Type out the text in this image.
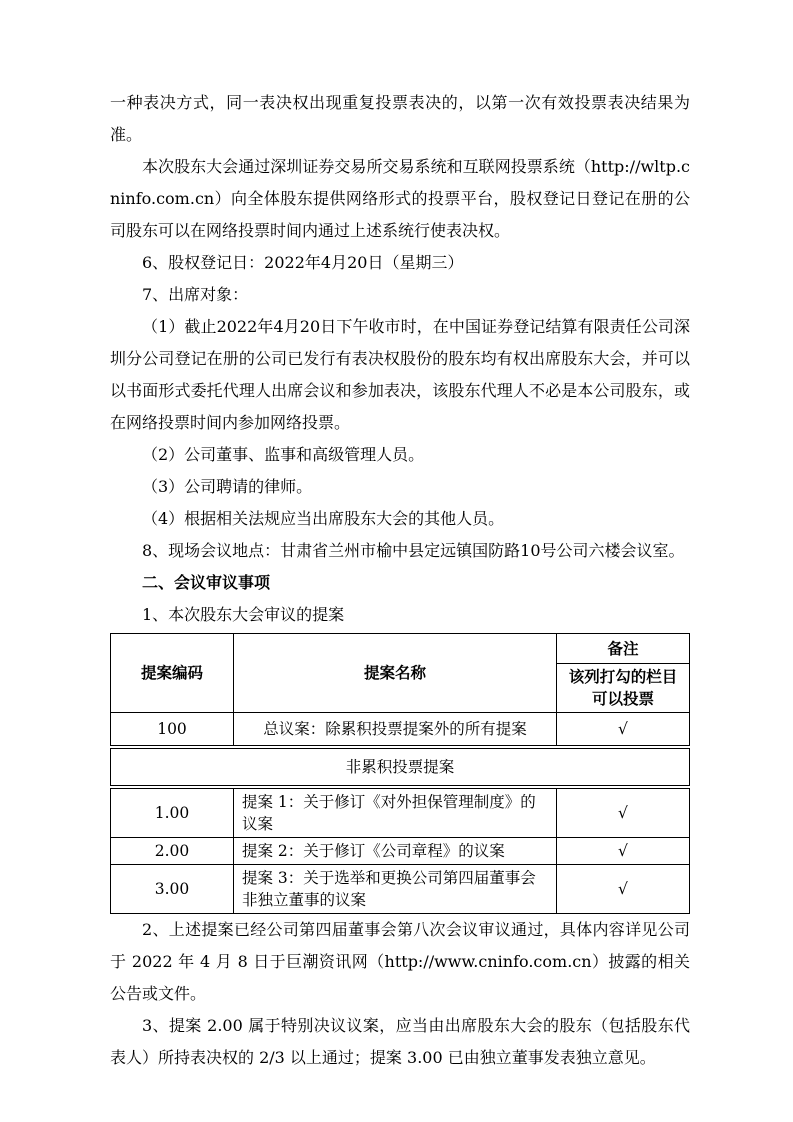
一种表决方式，同一表决权出现重复投票表决的，以第一次有效投票表决结果为准。

本次股东大会通过深圳证券交易所交易系统和互联网投票系统（http://wltp.cninfo.com.cn）向全体股东提供网络形式的投票平台，股权登记日登记在册的公司股东可以在网络投票时间内通过上述系统行使表决权。

6、股权登记日：2022年4月20日（星期三）

7、出席对象：

（1）截止2022年4月20日下午收市时，在中国证券登记结算有限责任公司深圳分公司登记在册的公司已发行有表决权股份的股东均有权出席股东大会，并可以以书面形式委托代理人出席会议和参加表决，该股东代理人不必是本公司股东，或在网络投票时间内参加网络投票。

（2）公司董事、监事和高级管理人员。

（3）公司聘请的律师。

（4）根据相关法规应当出席股东大会的其他人员。

8、现场会议地点：甘肃省兰州市榆中县定远镇国防路10号公司六楼会议室。

二、会议审议事项

1、本次股东大会审议的提案

提案编码	提案名称	备注
		该列打勾的栏目可以投票
100	总议案：除累积投票提案外的所有提案	√
非累积投票提案		
1.00	提案 1：关于修订《对外担保管理制度》的议案	√
2.00	提案 2：关于修订《公司章程》的议案	√
3.00	提案 3：关于选举和更换公司第四届董事会非独立董事的议案	√

2、上述提案已经公司第四届董事会第八次会议审议通过，具体内容详见公司于 2022 年 4 月 8 日于巨潮资讯网（http://www.cninfo.com.cn）披露的相关公告或文件。

3、提案 2.00 属于特别决议议案，应当由出席股东大会的股东（包括股东代表人）所持表决权的 2/3 以上通过；提案 3.00 已由独立董事发表独立意见。
